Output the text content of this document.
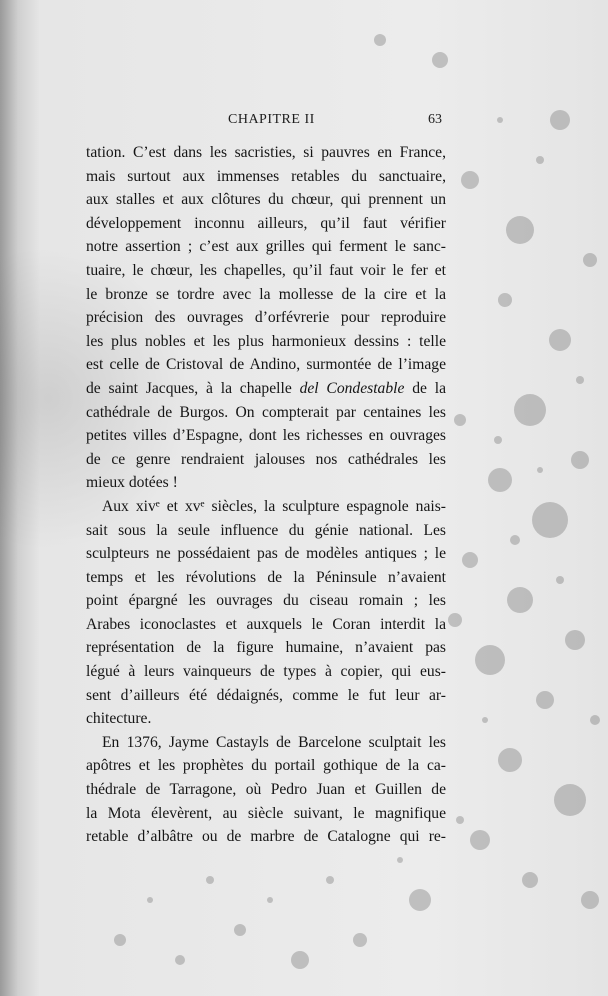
CHAPITRE II	63
tation. C’est dans les sacristies, si pauvres en France,
mais surtout aux immenses retables du sanctuaire,
aux stalles et aux clôtures du chœur, qui prennent un
développement inconnu ailleurs, qu’il faut vérifier
notre assertion ; c’est aux grilles qui ferment le sanc-
tuaire, le chœur, les chapelles, qu’il faut voir le fer et
le bronze se tordre avec la mollesse de la cire et la
précision des ouvrages d’orfévrerie pour reproduire
les plus nobles et les plus harmonieux dessins : telle
est celle de Cristoval de Andino, surmontée de l’image
de saint Jacques, à la chapelle del Condestable de la
cathédrale de Burgos. On compterait par centaines les
petites villes d’Espagne, dont les richesses en ouvrages
de ce genre rendraient jalouses nos cathédrales les
mieux dotées !
Aux xivᵉ et xvᵉ siècles, la sculpture espagnole nais-
sait sous la seule influence du génie national. Les
sculpteurs ne possédaient pas de modèles antiques ; le
temps et les révolutions de la Péninsule n’avaient
point épargné les ouvrages du ciseau romain ; les
Arabes iconoclastes et auxquels le Coran interdit la
représentation de la figure humaine, n’avaient pas
légué à leurs vainqueurs de types à copier, qui eus-
sent d’ailleurs été dédaignés, comme le fut leur ar-
chitecture.
En 1376, Jayme Castayls de Barcelone sculptait les
apôtres et les prophètes du portail gothique de la ca-
thédrale de Tarragone, où Pedro Juan et Guillen de
la Mota élevèrent, au siècle suivant, le magnifique
retable d’albâtre ou de marbre de Catalogne qui re-
